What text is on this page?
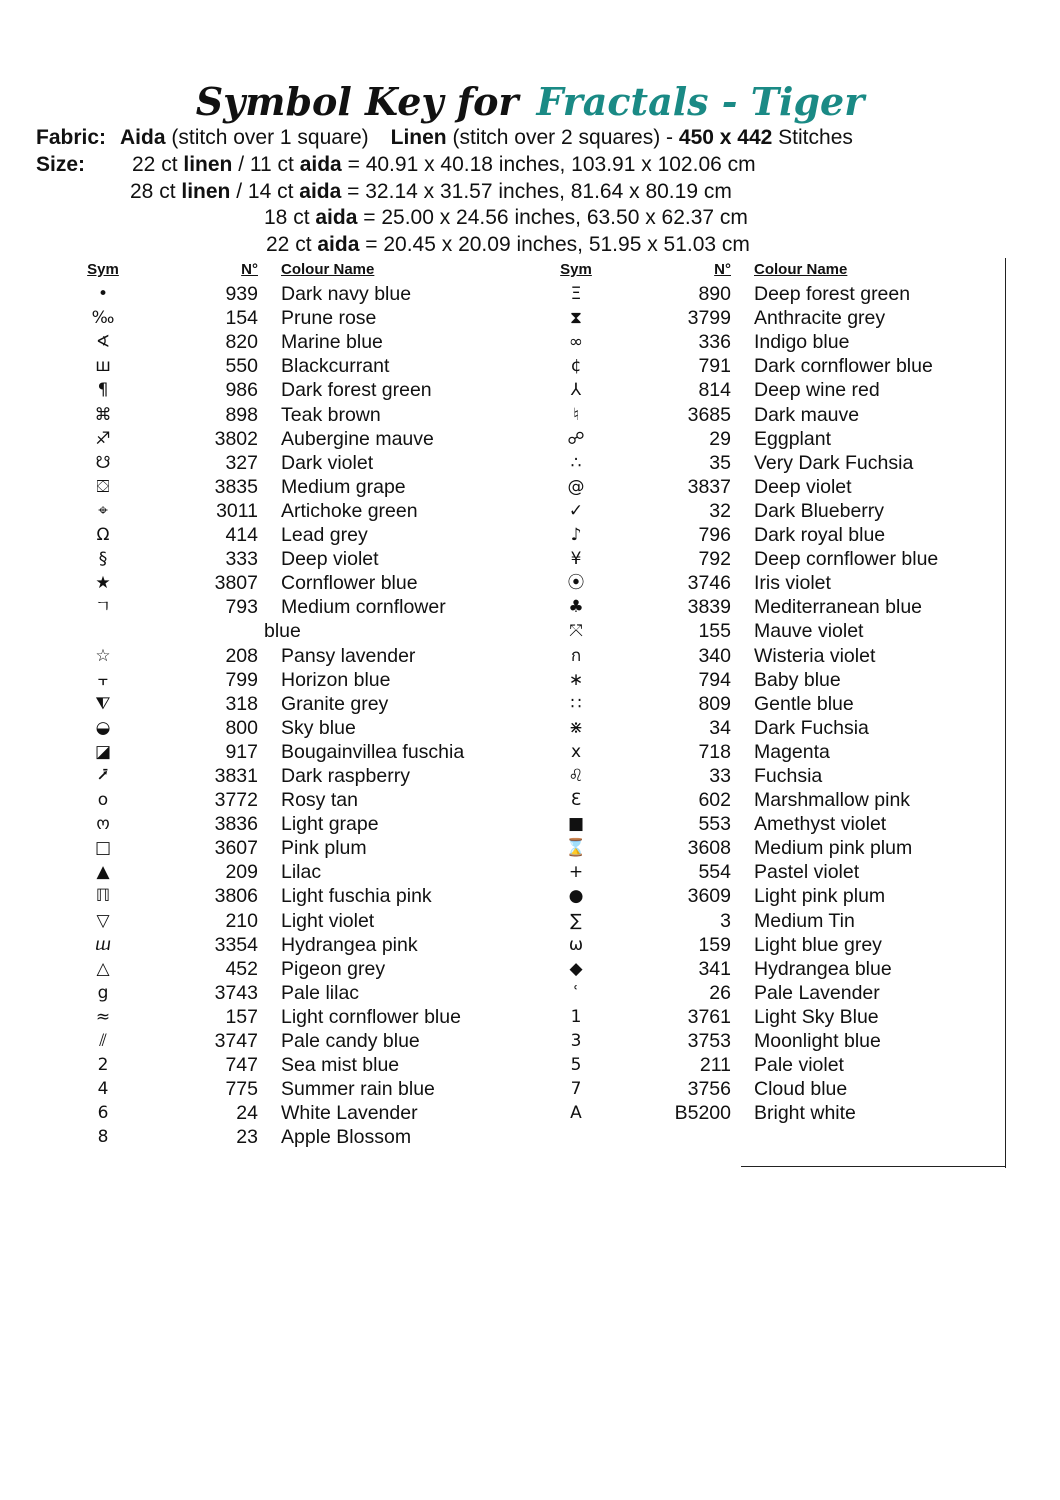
Symbol Key for Fractals - Tiger
Fabric: Aida (stitch over 1 square) Linen (stitch over 2 squares) - 450 x 442 Stitches
Size: 22 ct linen / 11 ct aida = 40.91 x 40.18 inches, 103.91 x 102.06 cm
28 ct linen / 14 ct aida = 32.14 x 31.57 inches, 81.64 x 80.19 cm
18 ct aida = 25.00 x 24.56 inches, 63.50 x 62.37 cm
22 ct aida = 20.45 x 20.09 inches, 51.95 x 51.03 cm
Sym	N° Colour Name
•	939 Dark navy blue
‰	154 Prune rose
∢	820 Marine blue
ш	550 Blackcurrant
¶	986 Dark forest green
⌘	898 Teak brown
♐	3802 Aubergine mauve
☋	327 Dark violet
⛋	3835 Medium grape
⌖	3011 Artichoke green
Ω	414 Lead grey
§	333 Deep violet
★	3807 Cornflower blue
ㄱ	793 Medium cornflower
blue
☆	208 Pansy lavender
⫟	799 Horizon blue
⧨	318 Granite grey
◒	800 Sky blue
◪	917 Bougainvillea fuschia
⭷	3831 Dark raspberry
o	3772 Rosy tan
ო	3836 Light grape
□	3607 Pink plum
▲	209 Lilac
ℿ	3806 Light fuschia pink
▽	210 Light violet
ⴍ	3354 Hydrangea pink
△	452 Pigeon grey
g	3743 Pale lilac
≈	157 Light cornflower blue
⫽	3747 Pale candy blue
2	747 Sea mist blue
4	775 Summer rain blue
6	24 White Lavender
8	23 Apple Blossom
Sym	N° Colour Name
Ξ	890 Deep forest green
⧗	3799 Anthracite grey
∞	336 Indigo blue
¢	791 Dark cornflower blue
⅄	814 Deep wine red
♮	3685 Dark mauve
☍	29 Eggplant
∴	35 Very Dark Fuchsia
@	3837 Deep violet
✓	32 Dark Blueberry
♪	796 Dark royal blue
¥	792 Deep cornflower blue
⦿	3746 Iris violet
♣	3839 Mediterranean blue
⤧	155 Mauve violet
ก	340 Wisteria violet
∗	794 Baby blue
∷	809 Gentle blue
⋇	34 Dark Fuchsia
x	718 Magenta
♌	33 Fuchsia
Ɛ	602 Marshmallow pink
■	553 Amethyst violet
⌛	3608 Medium pink plum
+	554 Pastel violet
●	3609 Light pink plum
∑	3 Medium Tin
ω	159 Light blue grey
◆	341 Hydrangea blue
ʿ	26 Pale Lavender
1	3761 Light Sky Blue
3	3753 Moonlight blue
5	211 Pale violet
7	3756 Cloud blue
A	B5200 Bright white
